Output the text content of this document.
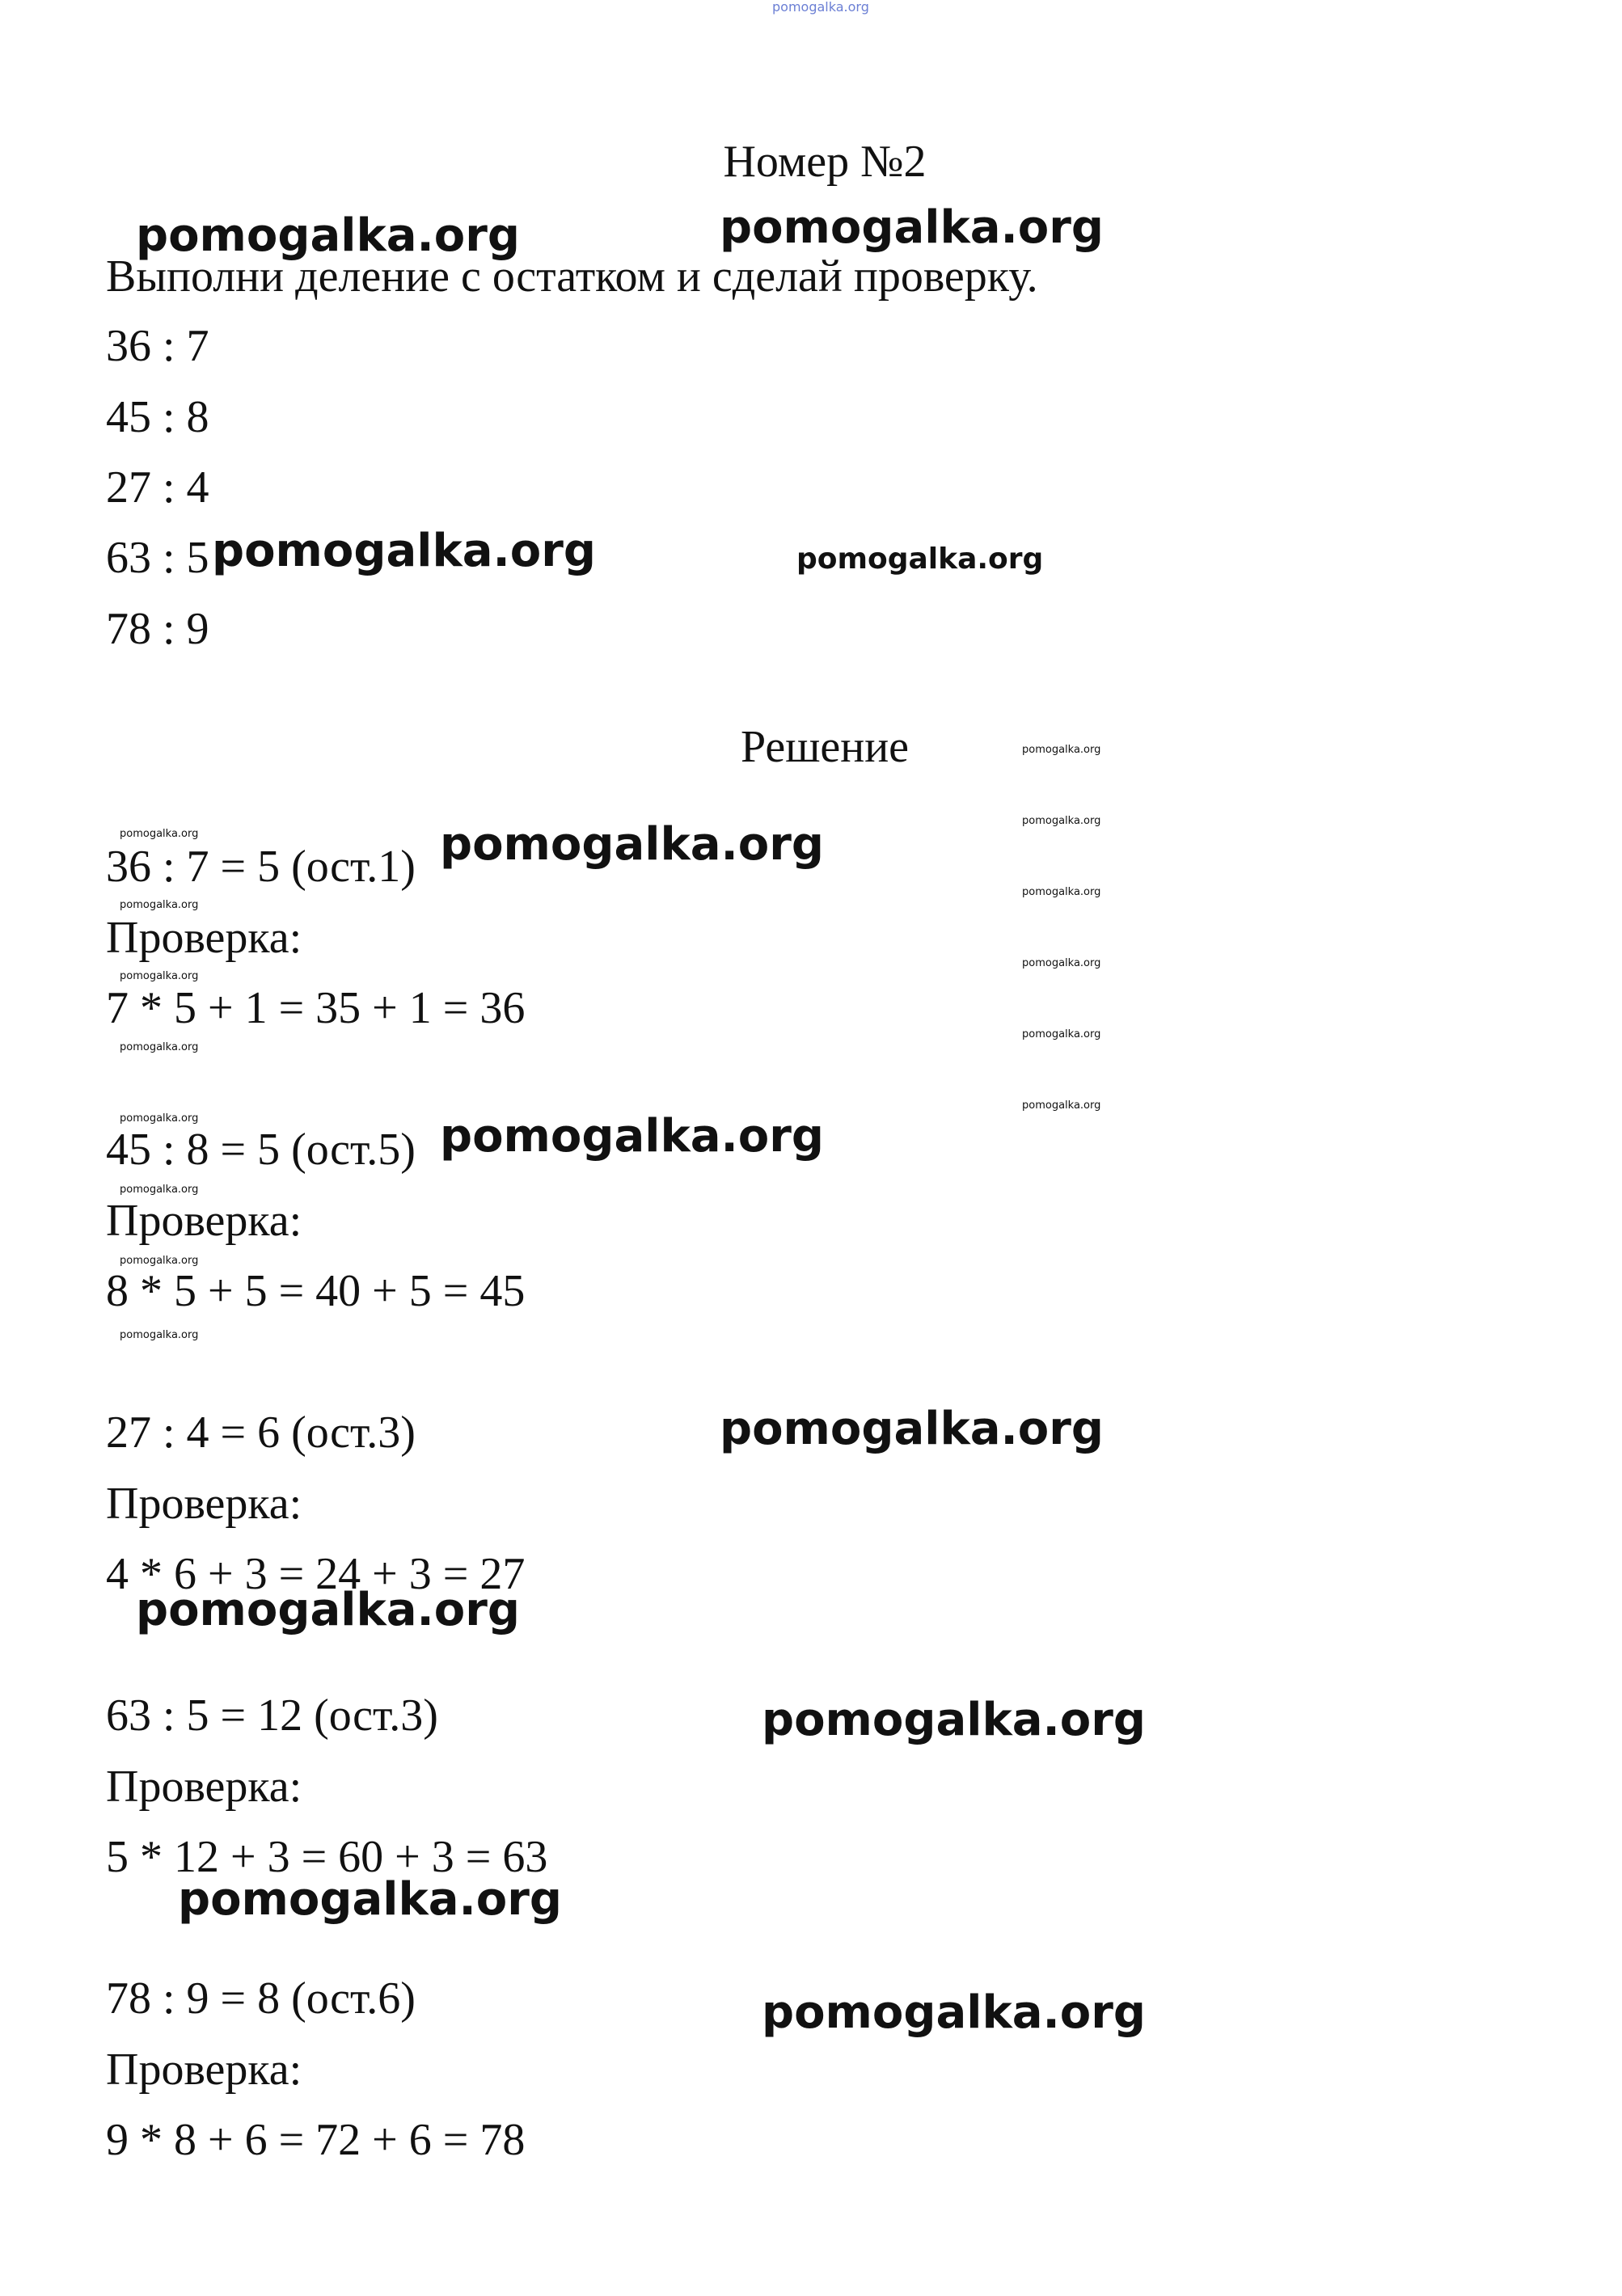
pomogalka.org
Номер №2
Выполни деление с остатком и сделай проверку.
36 : 7
45 : 8
27 : 4
63 : 5
78 : 9
Решение
36 : 7 = 5 (ост.1)
Проверка:
7 * 5 + 1 = 35 + 1 = 36
45 : 8 = 5 (ост.5)
Проверка:
8 * 5 + 5 = 40 + 5 = 45
27 : 4 = 6 (ост.3)
Проверка:
4 * 6 + 3 = 24 + 3 = 27
63 : 5 = 12 (ост.3)
Проверка:
5 * 12 + 3 = 60 + 3 = 63
78 : 9 = 8 (ост.6)
Проверка:
9 * 8 + 6 = 72 + 6 = 78
pomogalka.org	pomogalka.org
pomogalka.org	pomogalka.org
pomogalka.org
pomogalka.org
pomogalka.org
pomogalka.org
pomogalka.org
pomogalka.org
pomogalka.org
pomogalka.org
pomogalka.org
pomogalka.org
pomogalka.org
pomogalka.org
pomogalka.org
pomogalka.org
pomogalka.org
pomogalka.org
pomogalka.org
pomogalka.org
pomogalka.org
pomogalka.org
pomogalka.org
